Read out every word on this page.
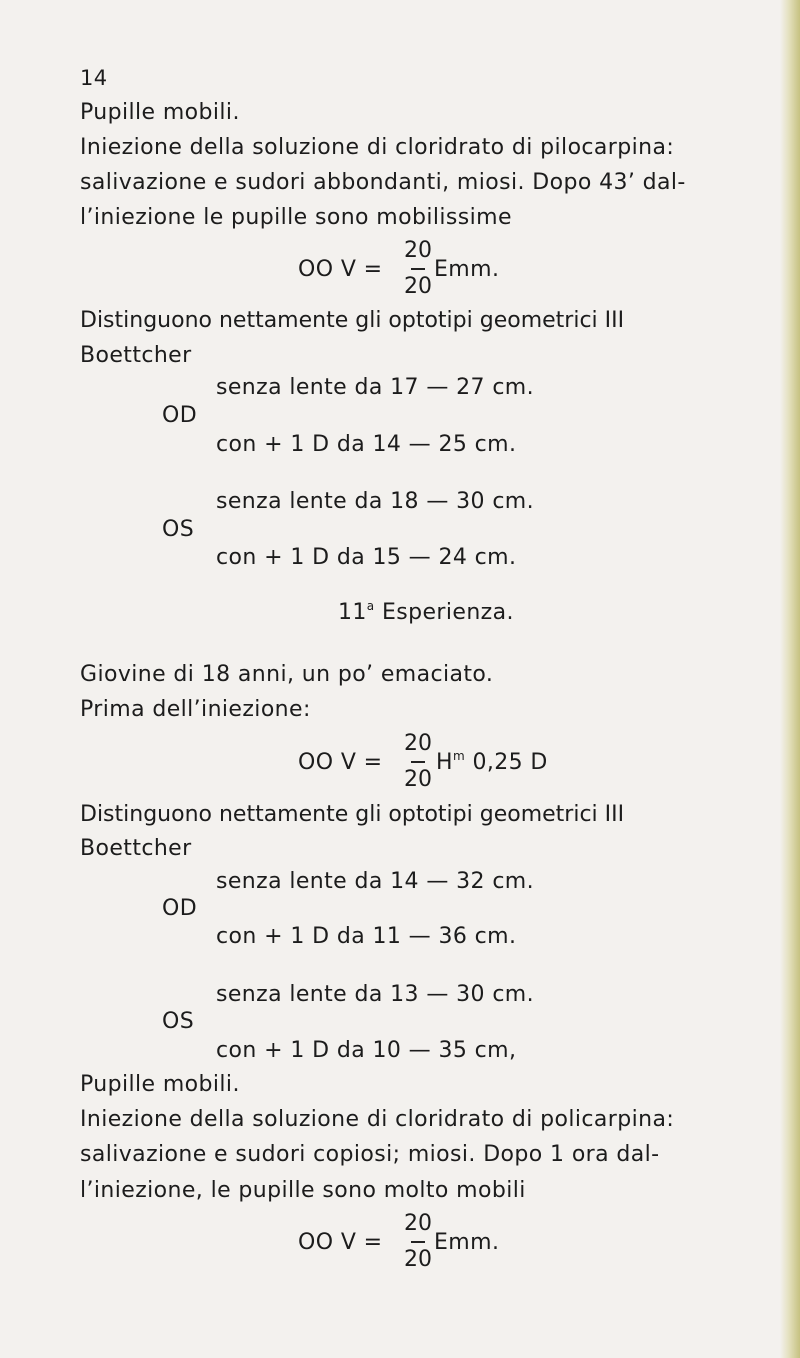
14
Pupille mobili.
Iniezione della soluzione di cloridrato di pilocarpina:
salivazione e sudori abbondanti, miosi. Dopo 43’ dal-
l’iniezione le pupille sono mobilissime
OO V =
20
20
Emm.
Distinguono nettamente gli optotipi geometrici III
Boettcher
senza lente da 17 — 27 cm.
OD
con + 1 D da 14 — 25 cm.
senza lente da 18 — 30 cm.
OS
con + 1 D da 15 — 24 cm.
11$^a$ Esperienza.
Giovine di 18 anni, un po’ emaciato.
Prima dell’iniezione:
OO V =
20
20
$H^m$ 0,25 D
Distinguono nettamente gli optotipi geometrici III
Boettcher
senza lente da 14 — 32 cm.
OD
con + 1 D da 11 — 36 cm.
senza lente da 13 — 30 cm.
OS
con + 1 D da 10 — 35 cm,
Pupille mobili.
Iniezione della soluzione di cloridrato di policarpina:
salivazione e sudori copiosi; miosi. Dopo 1 ora dal-
l’iniezione, le pupille sono molto mobili
OO V =
20
20
Emm.
